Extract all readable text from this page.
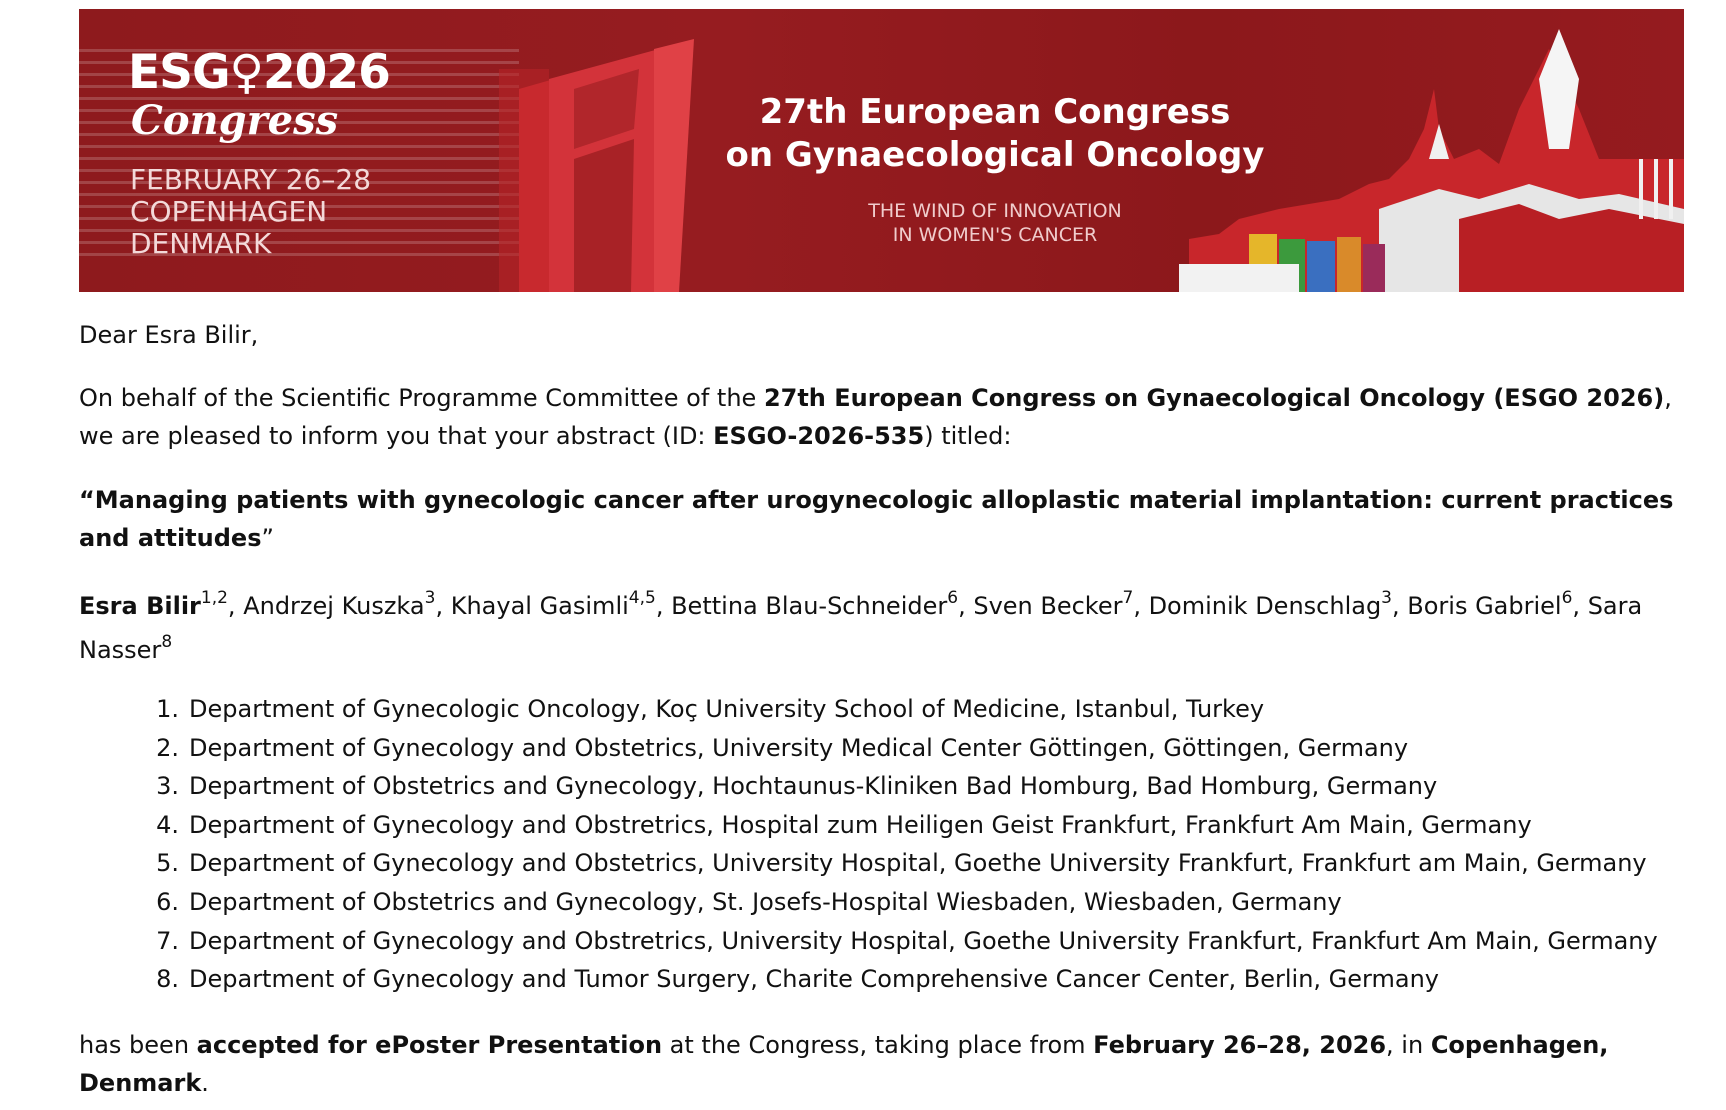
ESG♀2026
Congress
FEBRUARY 26–28
COPENHAGEN
DENMARK
27th European Congress
on Gynaecological Oncology
THE WIND OF INNOVATION
IN WOMEN'S CANCER
Dear Esra Bilir,
On behalf of the Scientific Programme Committee of the 27th European Congress on Gynaecological Oncology (ESGO 2026), we are pleased to inform you that your abstract (ID: ESGO-2026-535) titled:
“Managing patients with gynecologic cancer after urogynecologic alloplastic material implantation: current practices and attitudes”
Esra Bilir$^{1,2}$, Andrzej Kuszka$^3$, Khayal Gasimli$^{4,5}$, Bettina Blau-Schneider$^6$, Sven Becker$^7$, Dominik Denschlag$^3$, Boris Gabriel$^6$, Sara Nasser$^8$
1. Department of Gynecologic Oncology, Koç University School of Medicine, Istanbul, Turkey
2. Department of Gynecology and Obstetrics, University Medical Center Göttingen, Göttingen, Germany
3. Department of Obstetrics and Gynecology, Hochtaunus-Kliniken Bad Homburg, Bad Homburg, Germany
4. Department of Gynecology and Obstretrics, Hospital zum Heiligen Geist Frankfurt, Frankfurt Am Main, Germany
5. Department of Gynecology and Obstetrics, University Hospital, Goethe University Frankfurt, Frankfurt am Main, Germany
6. Department of Obstetrics and Gynecology, St. Josefs-Hospital Wiesbaden, Wiesbaden, Germany
7. Department of Gynecology and Obstretrics, University Hospital, Goethe University Frankfurt, Frankfurt Am Main, Germany
8. Department of Gynecology and Tumor Surgery, Charite Comprehensive Cancer Center, Berlin, Germany
has been accepted for ePoster Presentation at the Congress, taking place from February 26–28, 2026, in Copenhagen, Denmark.
